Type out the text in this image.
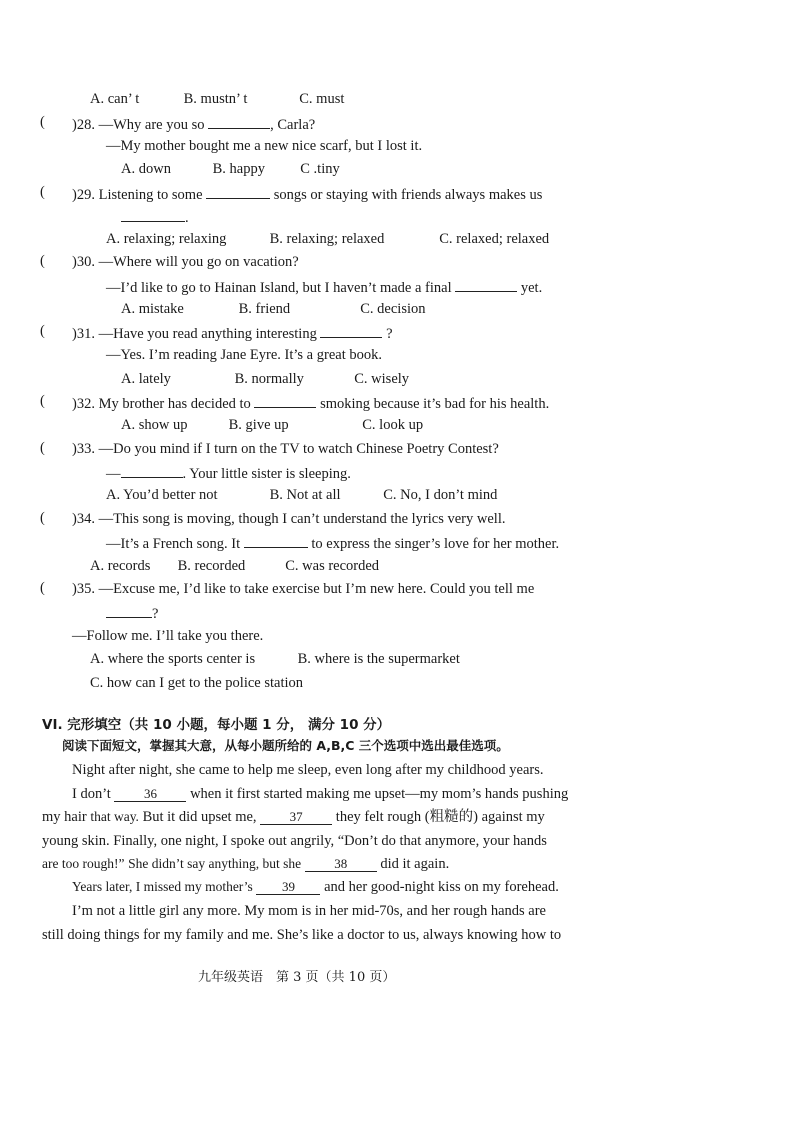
A. can’ t	B. mustn’ t	C. must
( )28. —Why are you so	, Carla?
—My mother bought me a new nice scarf, but I lost it.
A. down	B. happy C .tiny
( )29. Listening to some	songs or staying with friends always makes us
.
A. relaxing; relaxing	B. relaxing; relaxed	C. relaxed; relaxed
( )30. —Where will you go on vacation?
—I’d like to go to Hainan Island, but I haven’t made a final	yet.
A. mistake	B. friend	C. decision
( )31. —Have you read anything interesting	?
—Yes. I’m reading Jane Eyre. It’s a great book.
A. lately	B. normally	C. wisely
( )32. My brother has decided to	smoking because it’s bad for his health.
A. show up	B. give up	C. look up
( )33. —Do you mind if I turn on the TV to watch Chinese Poetry Contest?
—	. Your little sister is sleeping.
A. You’d better not	B. Not at all	C. No, I don’t mind
( )34. —This song is moving, though I can’t understand the lyrics very well.
—It’s a French song. It	to express the singer’s love for her mother.
A. records B. recorded	C. was recorded
( )35. —Excuse me, I’d like to take exercise but I’m new here. Could you tell me
?
—Follow me. I’ll take you there.
A. where the sports center is	B. where is the supermarket
C. how can I get to the police station
VI. 完形填空（共 10 小题，每小题 1 分， 满分 10 分）
阅读下面短文，掌握其大意，从每小题所给的 A,B,C 三个选项中选出最佳选项。
Night after night, she came to help me sleep, even long after my childhood years.
I don’t	36 when it first started making me upset—my mom’s hands pushing
my hair that way. But it did upset me,	37 they felt rough (粗糙的) against my
young skin. Finally, one night, I spoke out angrily, “Don’t do that anymore, your hands
are too rough!” She didn’t say anything, but she	38 did it again.
Years later, I missed my mother’s 39 and her good-night kiss on my forehead.
I’m not a little girl any more. My mom is in her mid-70s, and her rough hands are
still doing things for my family and me. She’s like a doctor to us, always knowing how to
九年级英语　第 3 页（共 10 页）
